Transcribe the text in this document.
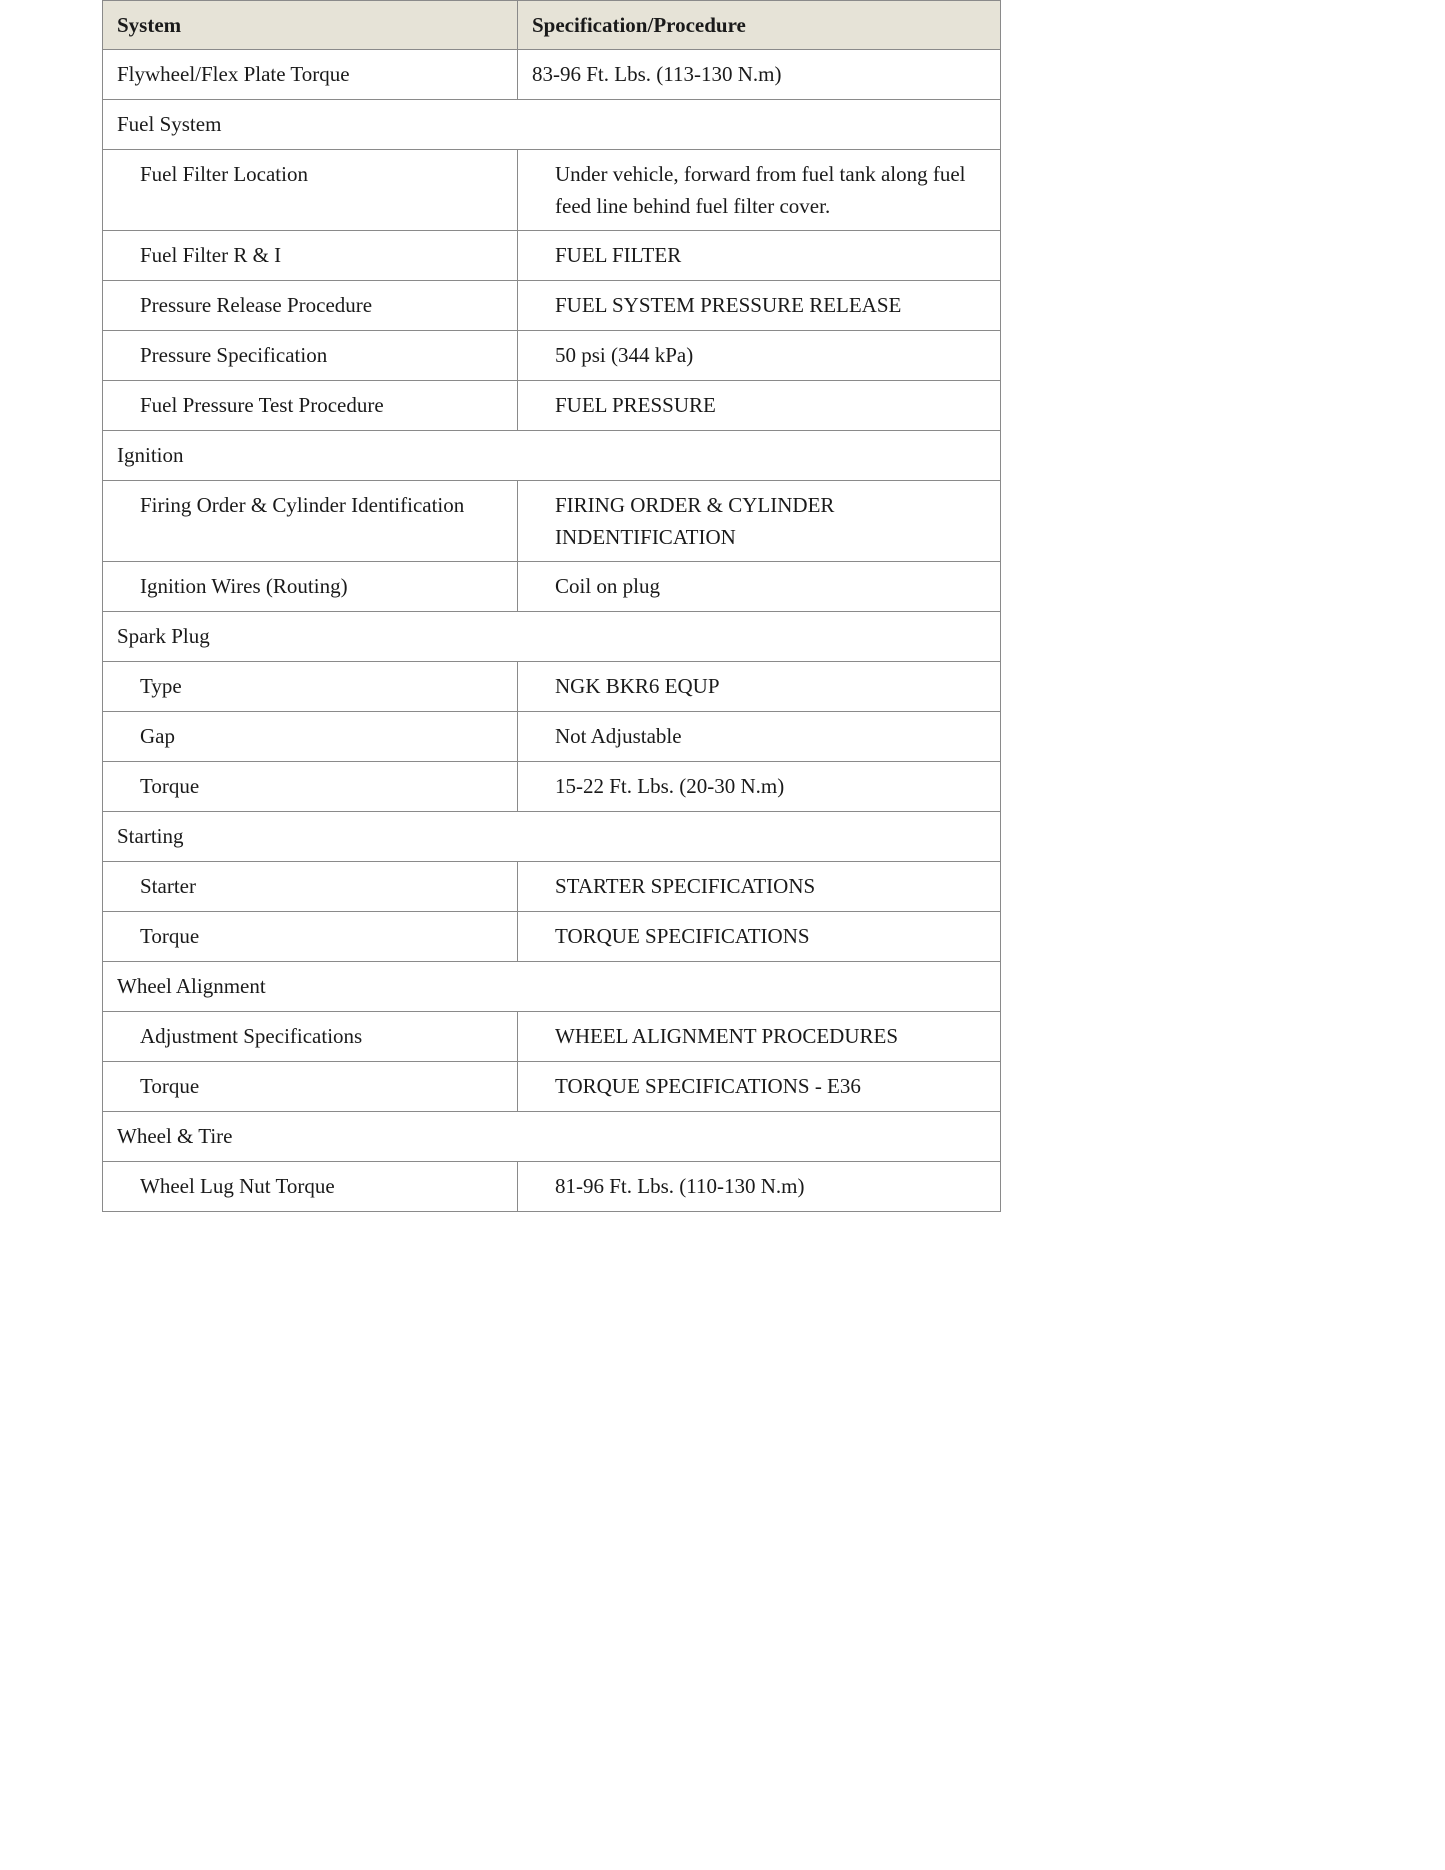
System	Specification/Procedure
Flywheel/Flex Plate Torque	83-96 Ft. Lbs. (113-130 N.m)
Fuel System	
Fuel Filter Location	Under vehicle, forward from fuel tank along fuel feed line behind fuel filter cover.
Fuel Filter R & I	FUEL FILTER
Pressure Release Procedure	FUEL SYSTEM PRESSURE RELEASE
Pressure Specification	50 psi (344 kPa)
Fuel Pressure Test Procedure	FUEL PRESSURE
Ignition	
Firing Order & Cylinder Identification	FIRING ORDER & CYLINDER INDENTIFICATION
Ignition Wires (Routing)	Coil on plug
Spark Plug	
Type	NGK BKR6 EQUP
Gap	Not Adjustable
Torque	15-22 Ft. Lbs. (20-30 N.m)
Starting	
Starter	STARTER SPECIFICATIONS
Torque	TORQUE SPECIFICATIONS
Wheel Alignment	
Adjustment Specifications	WHEEL ALIGNMENT PROCEDURES
Torque	TORQUE SPECIFICATIONS - E36
Wheel & Tire	
Wheel Lug Nut Torque	81-96 Ft. Lbs. (110-130 N.m)
